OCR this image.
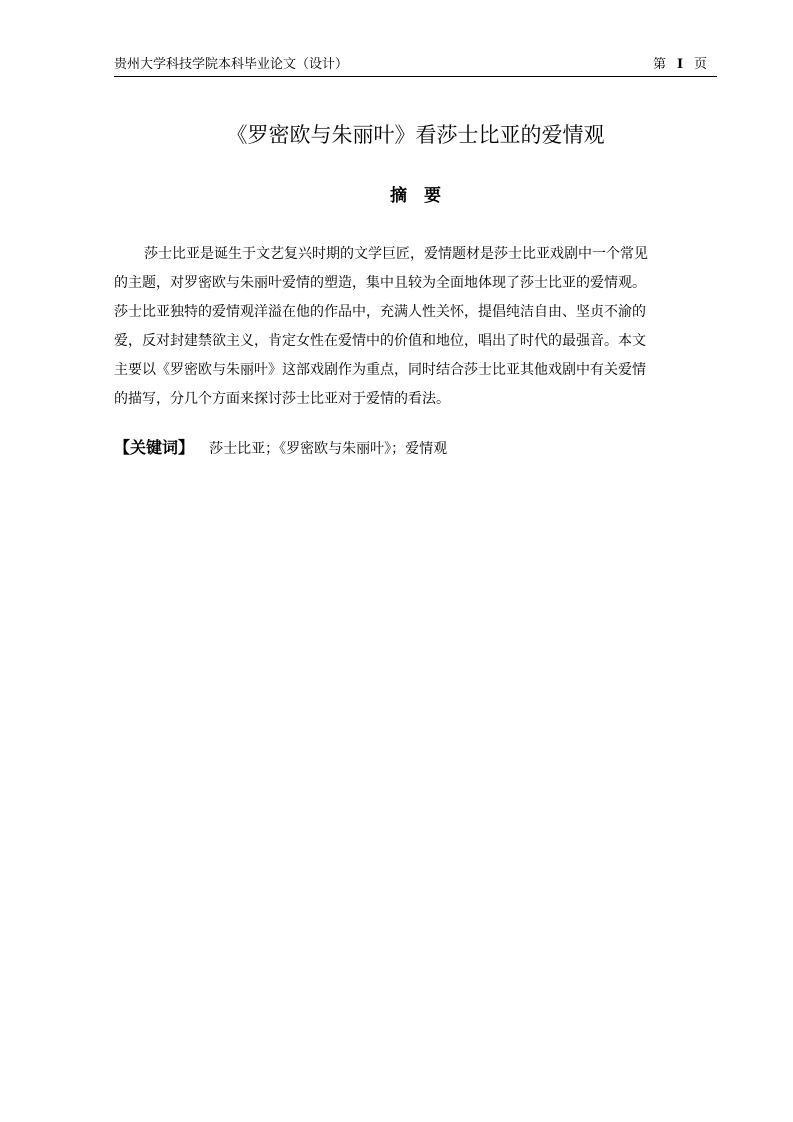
贵州大学科技学院本科毕业论文（设计）	第 I 页
《罗密欧与朱丽叶》看莎士比亚的爱情观
摘　要
莎士比亚是诞生于文艺复兴时期的文学巨匠，爱情题材是莎士比亚戏剧中一个常见
的主题，对罗密欧与朱丽叶爱情的塑造，集中且较为全面地体现了莎士比亚的爱情观。
莎士比亚独特的爱情观洋溢在他的作品中，充满人性关怀，提倡纯洁自由、坚贞不渝的
爱，反对封建禁欲主义，肯定女性在爱情中的价值和地位，唱出了时代的最强音。本文
主要以《罗密欧与朱丽叶》这部戏剧作为重点，同时结合莎士比亚其他戏剧中有关爱情
的描写，分几个方面来探讨莎士比亚对于爱情的看法。
【关键词】 莎士比亚；《罗密欧与朱丽叶》；爱情观
